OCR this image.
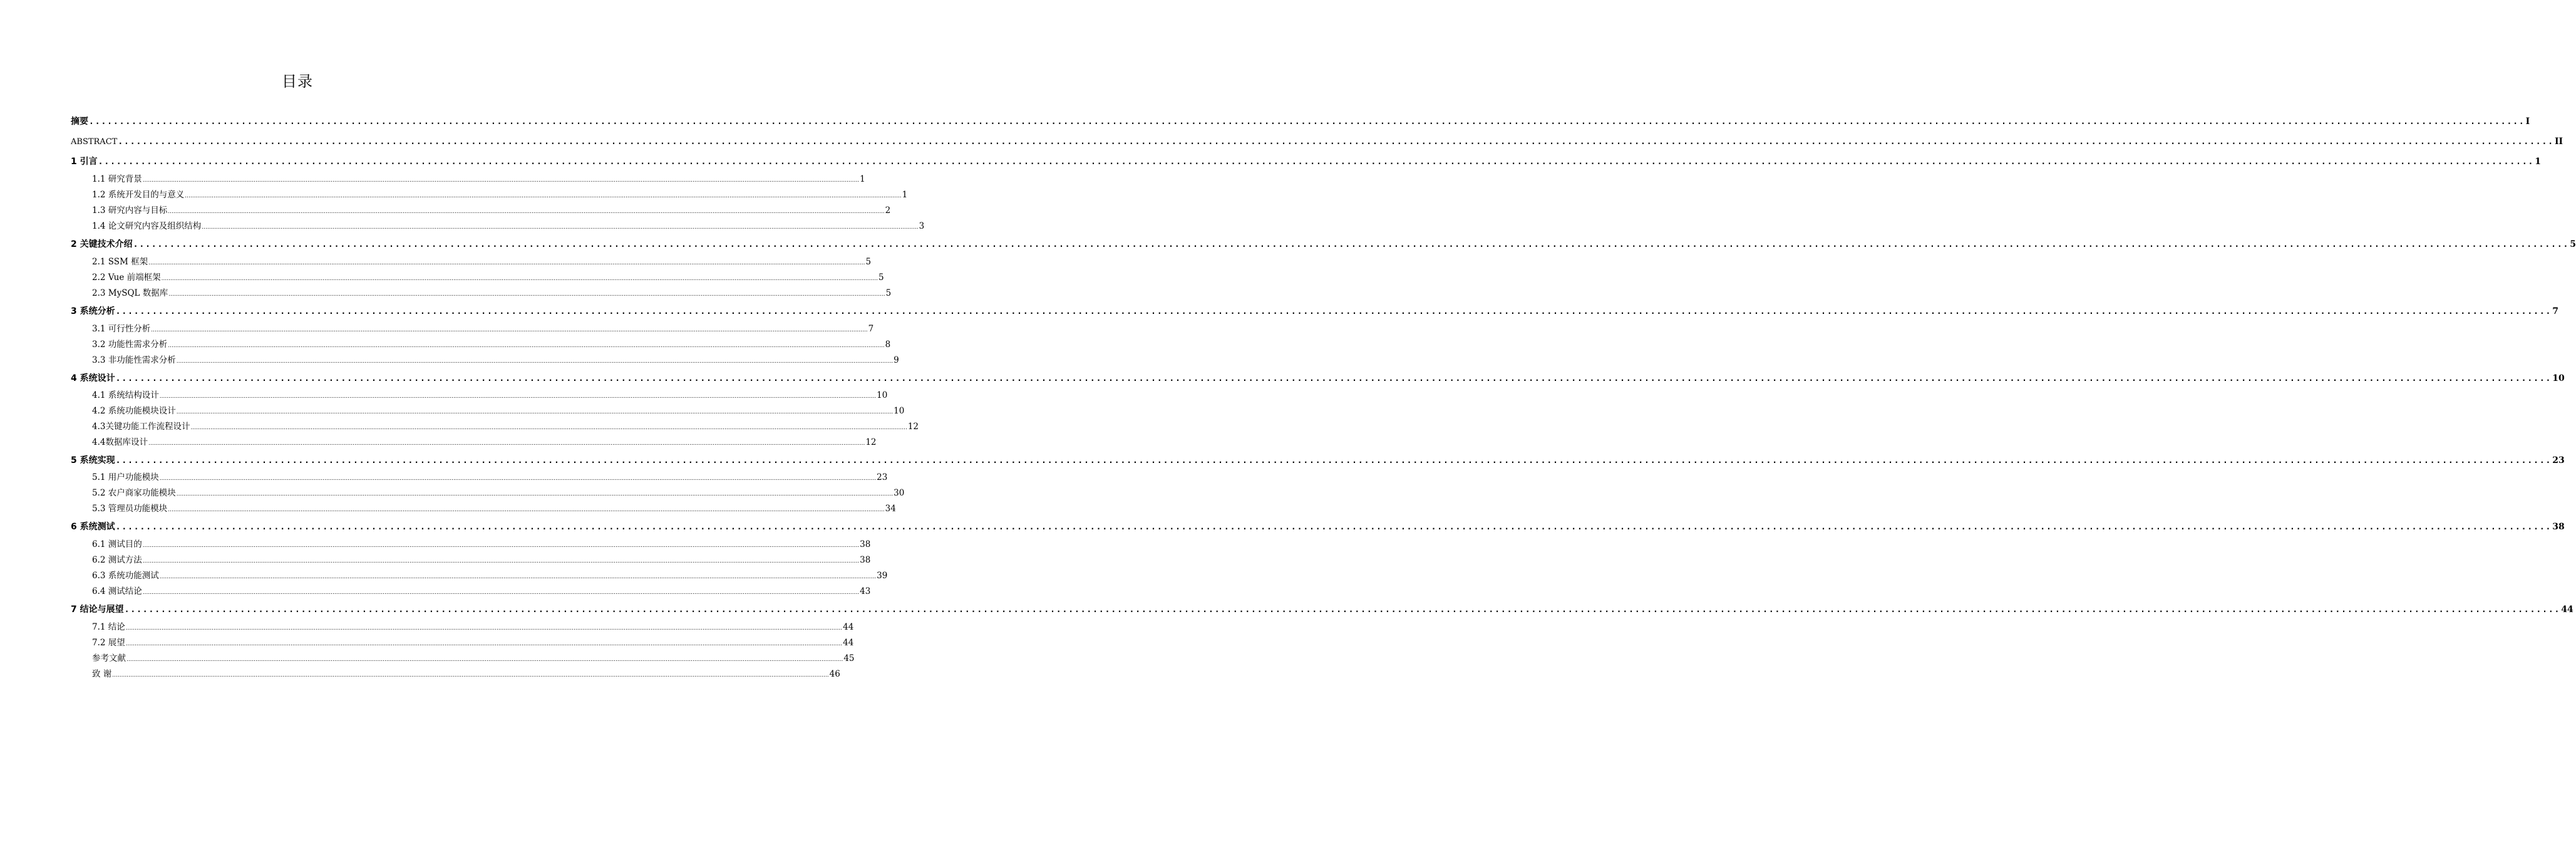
目录
摘要 ................................................................................................................................................................................................................................................................................................................................................................................................................ I
ABSTRACT ................................................................................................................................................................................................................................................................................................................................................................................................................ II
1 引言 ................................................................................................................................................................................................................................................................................................................................................................................................................ 1
1.1 研究背景 ................................................................................................................................................................................................................................................................................................................................................................................................................ 1
1.2 系统开发目的与意义 ................................................................................................................................................................................................................................................................................................................................................................................................................ 1
1.3 研究内容与目标 ................................................................................................................................................................................................................................................................................................................................................................................................................ 2
1.4 论文研究内容及组织结构 ................................................................................................................................................................................................................................................................................................................................................................................................................ 3
2 关键技术介绍 ................................................................................................................................................................................................................................................................................................................................................................................................................ 5
2.1 SSM 框架 ................................................................................................................................................................................................................................................................................................................................................................................................................ 5
2.2 Vue 前端框架 ................................................................................................................................................................................................................................................................................................................................................................................................................ 5
2.3 MySQL 数据库 ................................................................................................................................................................................................................................................................................................................................................................................................................ 5
3 系统分析 ................................................................................................................................................................................................................................................................................................................................................................................................................ 7
3.1 可行性分析 ................................................................................................................................................................................................................................................................................................................................................................................................................ 7
3.2 功能性需求分析 ................................................................................................................................................................................................................................................................................................................................................................................................................ 8
3.3 非功能性需求分析 ................................................................................................................................................................................................................................................................................................................................................................................................................ 9
4 系统设计 ................................................................................................................................................................................................................................................................................................................................................................................................................ 10
4.1 系统结构设计 ................................................................................................................................................................................................................................................................................................................................................................................................................ 10
4.2 系统功能模块设计 ................................................................................................................................................................................................................................................................................................................................................................................................................ 10
4.3关键功能工作流程设计 ................................................................................................................................................................................................................................................................................................................................................................................................................ 12
4.4数据库设计 ................................................................................................................................................................................................................................................................................................................................................................................................................ 12
5 系统实现 ................................................................................................................................................................................................................................................................................................................................................................................................................ 23
5.1 用户功能模块 ................................................................................................................................................................................................................................................................................................................................................................................................................ 23
5.2 农户商家功能模块 ................................................................................................................................................................................................................................................................................................................................................................................................................ 30
5.3 管理员功能模块 ................................................................................................................................................................................................................................................................................................................................................................................................................ 34
6 系统测试 ................................................................................................................................................................................................................................................................................................................................................................................................................ 38
6.1 测试目的 ................................................................................................................................................................................................................................................................................................................................................................................................................ 38
6.2 测试方法 ................................................................................................................................................................................................................................................................................................................................................................................................................ 38
6.3 系统功能测试 ................................................................................................................................................................................................................................................................................................................................................................................................................ 39
6.4 测试结论 ................................................................................................................................................................................................................................................................................................................................................................................................................ 43
7 结论与展望 ................................................................................................................................................................................................................................................................................................................................................................................................................ 44
7.1 结论 ................................................................................................................................................................................................................................................................................................................................................................................................................ 44
7.2 展望 ................................................................................................................................................................................................................................................................................................................................................................................................................ 44
参考文献 ................................................................................................................................................................................................................................................................................................................................................................................................................ 45
致 谢 ................................................................................................................................................................................................................................................................................................................................................................................................................ 46
